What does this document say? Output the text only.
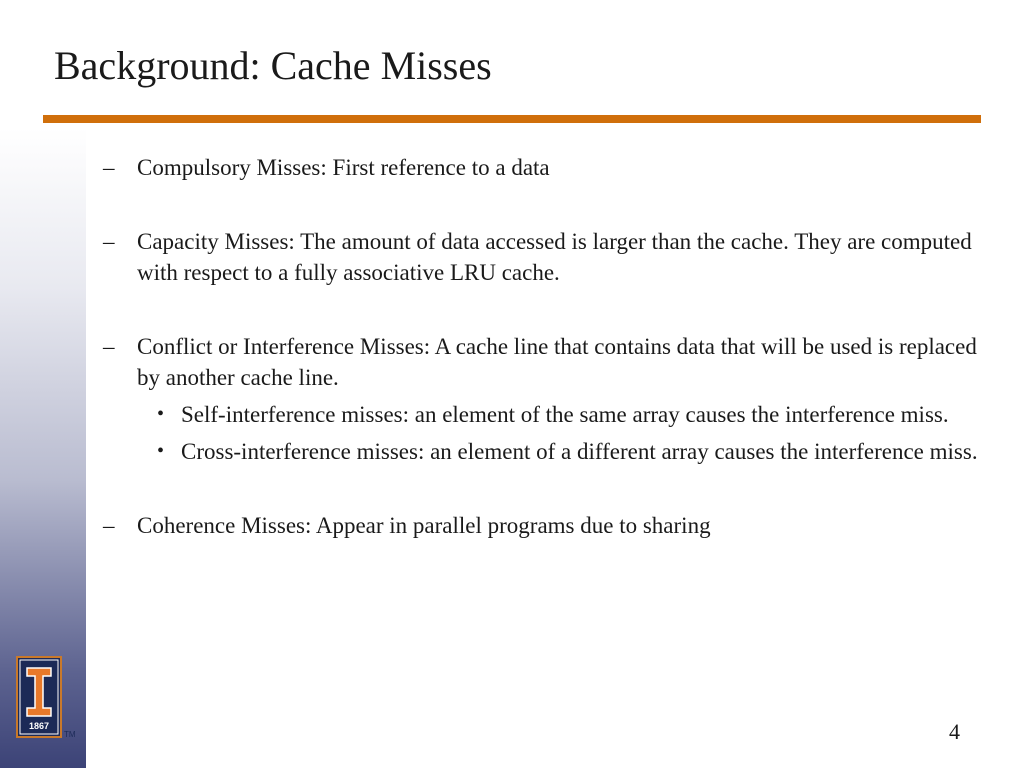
Background: Cache Misses
– Compulsory Misses: First reference to a data
– Capacity Misses: The amount of data accessed is larger than the cache. They are computed with respect to a fully associative LRU cache.
– Conflict or Interference Misses: A cache line that contains data that will be used is replaced by another cache line.
• Self-interference misses: an element of the same array causes the interference miss.
• Cross-interference misses: an element of a different array causes the interference miss.
– Coherence Misses: Appear in parallel programs due to sharing
1867
TM	4
